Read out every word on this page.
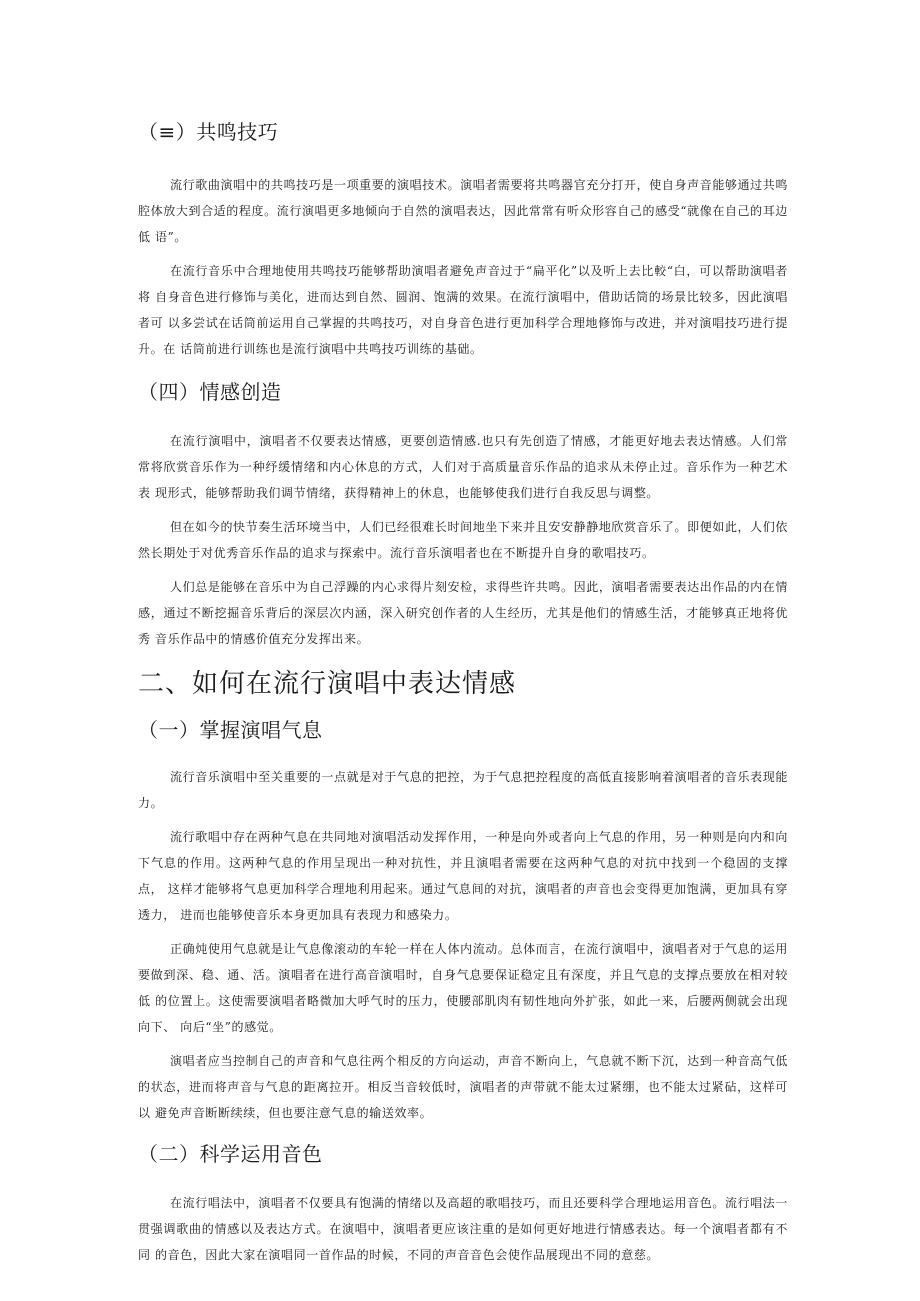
（≡）共鸣技巧

流行歌曲演唱中的共鸣技巧是一项重要的演唱技术。演唱者需要将共鸣器官充分打开，使自身声音能够通过共鸣 腔体放大到合适的程度。流行演唱更多地倾向于自然的演唱表达，因此常常有听众形容自己的感受“就像在自己的耳边低 语”。

在流行音乐中合理地使用共鸣技巧能够帮助演唱者避免声音过于“扁平化”以及听上去比較“白，可以帮助演唱者将 自身音色进行修饰与美化，进而达到自然、圆润、饱满的效果。在流行演唱中，借助话筒的场景比较多，因此演唱者可 以多尝试在话筒前运用自己掌握的共鸣技巧，对自身音色进行更加科学合理地修饰与改进，并对演唱技巧进行提升。在 话筒前进行训练也是流行演唱中共鸣技巧训练的基础。

（四）情感创造

在流行演唱中，演唱者不仅要表达情感，更要创造情感.也只有先创造了情感，才能更好地去表达情感。人们常 常将欣赏音乐作为一种纾缓情绪和内心休息的方式，人们对于高质量音乐作品的追求从未停止过。音乐作为一种艺术表 现形式，能够帮助我们调节情绪，获得精神上的休息，也能够使我们进行自我反思与调整。

但在如今的快节奏生活环境当中，人们已经很难长时间地坐下来并且安安静静地欣赏音乐了。即便如此，人们依 然长期处于对优秀音乐作品的追求与探索中。流行音乐演唱者也在不断提升自身的歌唱技巧。

人们总是能够在音乐中为自己浮躁的内心求得片刻安检，求得些许共鸣。因此，演唱者需要表达出作品的内在情 感，通过不断挖掘音乐背后的深层次内涵，深入研究创作者的人生经历，尤其是他们的情感生活，才能够真正地将优秀 音乐作品中的情感价值充分发挥出来。

二、如何在流行演唱中表达情感
（一）掌握演唱气息

流行音乐演唱中至关重要的一点就是对于气息的把控，为于气息把控程度的高低直接影响着演唱者的音乐表现能 力。

流行歌唱中存在两种气息在共同地对演唱活动发挥作用，一种是向外或者向上气息的作用，另一种则是向内和向 下气息的作用。这两种气息的作用呈现出一种对抗性，并且演唱者需要在这两种气息的对抗中找到一个稳固的支撑点， 这样才能够将气息更加科学合理地利用起来。通过气息间的对抗，演唱者的声音也会变得更加饱满，更加具有穿透力， 进而也能够使音乐本身更加具有表现力和感染力。

正确炖使用气息就是让气息像滚动的车轮一样在人体内流动。总体而言，在流行演唱中，演唱者对于气息的运用 要做到深、稳、通、活。演唱者在进行高音演唱时，自身气息要保证稳定且有深度，并且气息的支撑点要放在相对较低 的位置上。这使需要演唱者略微加大呼气时的压力，使腰部肌肉有韧性地向外扩张，如此一来，后腰两侧就会出现向下、 向后“坐”的感觉。

演唱者应当控制自己的声音和气息往两个相反的方向运动，声音不断向上，气息就不断下沉，达到一种音高气低 的状态，进而将声音与气息的距离拉开。相反当音较低时，演唱者的声带就不能太过紧绷，也不能太过紧砧，这样可以 避免声音断断续续，但也要注意气息的输送效率。

（二）科学运用音色

在流行唱法中，演唱者不仅要具有饱满的情绪以及高超的歌唱技巧，而且还要科学合理地运用音色。流行唱法一 贯强调歌曲的情感以及表达方式。在演唱中，演唱者更应该注重的是如何更好地进行情感表达。每一个演唱者都有不同 的音色，因此大家在演唱同一首作品的时候，不同的声音音色会使作品展现出不同的意慈。
